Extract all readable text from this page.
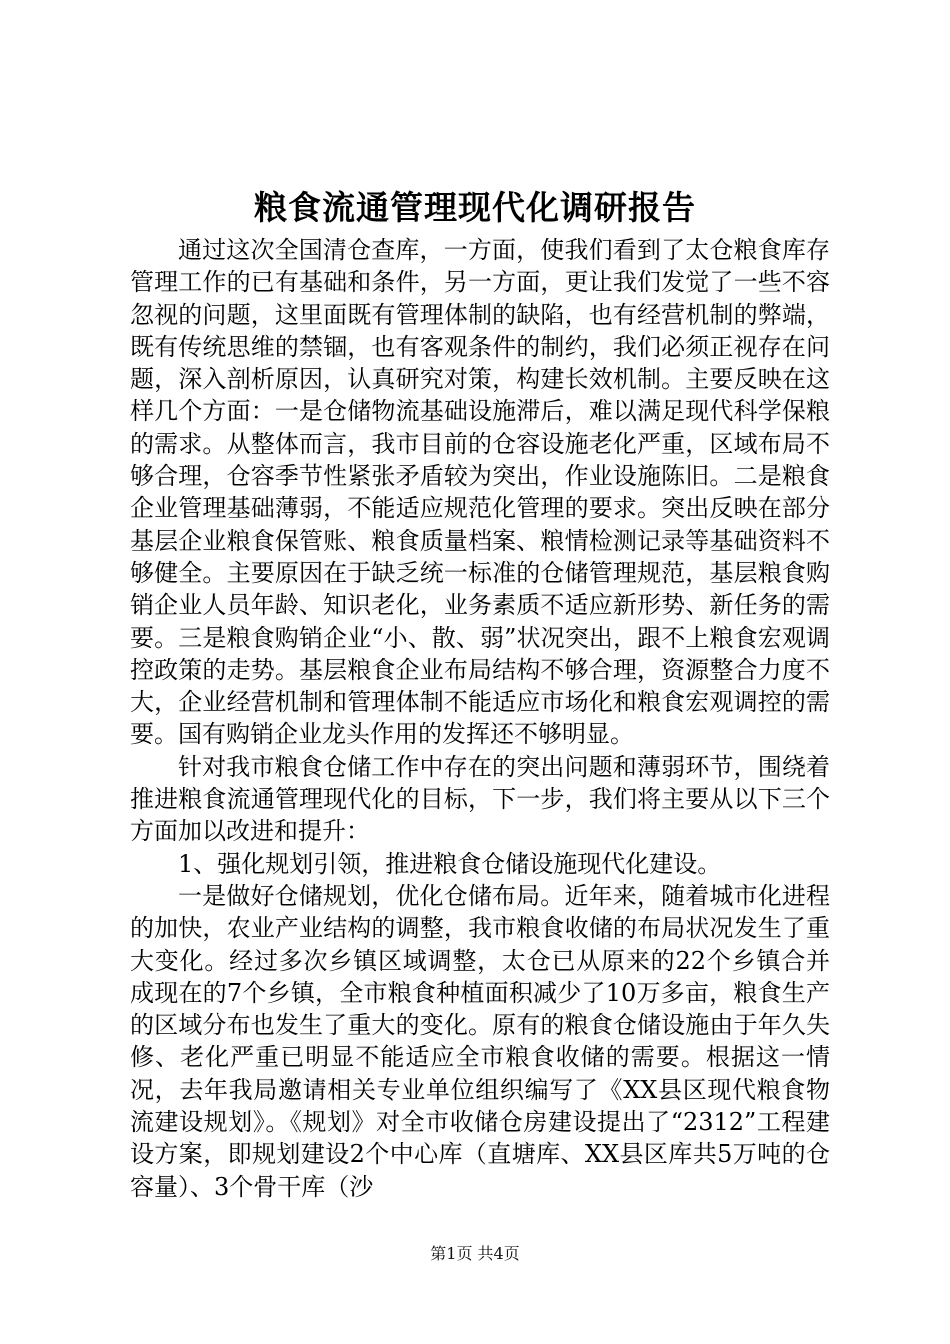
粮食流通管理现代化调研报告

通过这次全国清仓查库，一方面，使我们看到了太仓粮食库存管理工作的已有基础和条件，另一方面，更让我们发觉了一些不容忽视的问题，这里面既有管理体制的缺陷，也有经营机制的弊端，既有传统思维的禁锢，也有客观条件的制约，我们必须正视存在问题，深入剖析原因，认真研究对策，构建长效机制。主要反映在这样几个方面：一是仓储物流基础设施滞后，难以满足现代科学保粮的需求。从整体而言，我市目前的仓容设施老化严重，区域布局不够合理，仓容季节性紧张矛盾较为突出，作业设施陈旧。二是粮食企业管理基础薄弱，不能适应规范化管理的要求。突出反映在部分基层企业粮食保管账、粮食质量档案、粮情检测记录等基础资料不够健全。主要原因在于缺乏统一标准的仓储管理规范，基层粮食购销企业人员年龄、知识老化，业务素质不适应新形势、新任务的需要。三是粮食购销企业“小、散、弱”状况突出，跟不上粮食宏观调控政策的走势。基层粮食企业布局结构不够合理，资源整合力度不大，企业经营机制和管理体制不能适应市场化和粮食宏观调控的需要。国有购销企业龙头作用的发挥还不够明显。

针对我市粮食仓储工作中存在的突出问题和薄弱环节，围绕着推进粮食流通管理现代化的目标，下一步，我们将主要从以下三个方面加以改进和提升：

1、强化规划引领，推进粮食仓储设施现代化建设。

一是做好仓储规划，优化仓储布局。近年来，随着城市化进程的加快，农业产业结构的调整，我市粮食收储的布局状况发生了重大变化。经过多次乡镇区域调整，太仓已从原来的22个乡镇合并成现在的7个乡镇，全市粮食种植面积减少了10万多亩，粮食生产的区域分布也发生了重大的变化。原有的粮食仓储设施由于年久失修、老化严重已明显不能适应全市粮食收储的需要。根据这一情况，去年我局邀请相关专业单位组织编写了《XX县区现代粮食物流建设规划》。《规划》对全市收储仓房建设提出了“2312”工程建设方案，即规划建设2个中心库（直塘库、XX县区库共5万吨的仓容量）、3个骨干库（沙

第1页 共4页
